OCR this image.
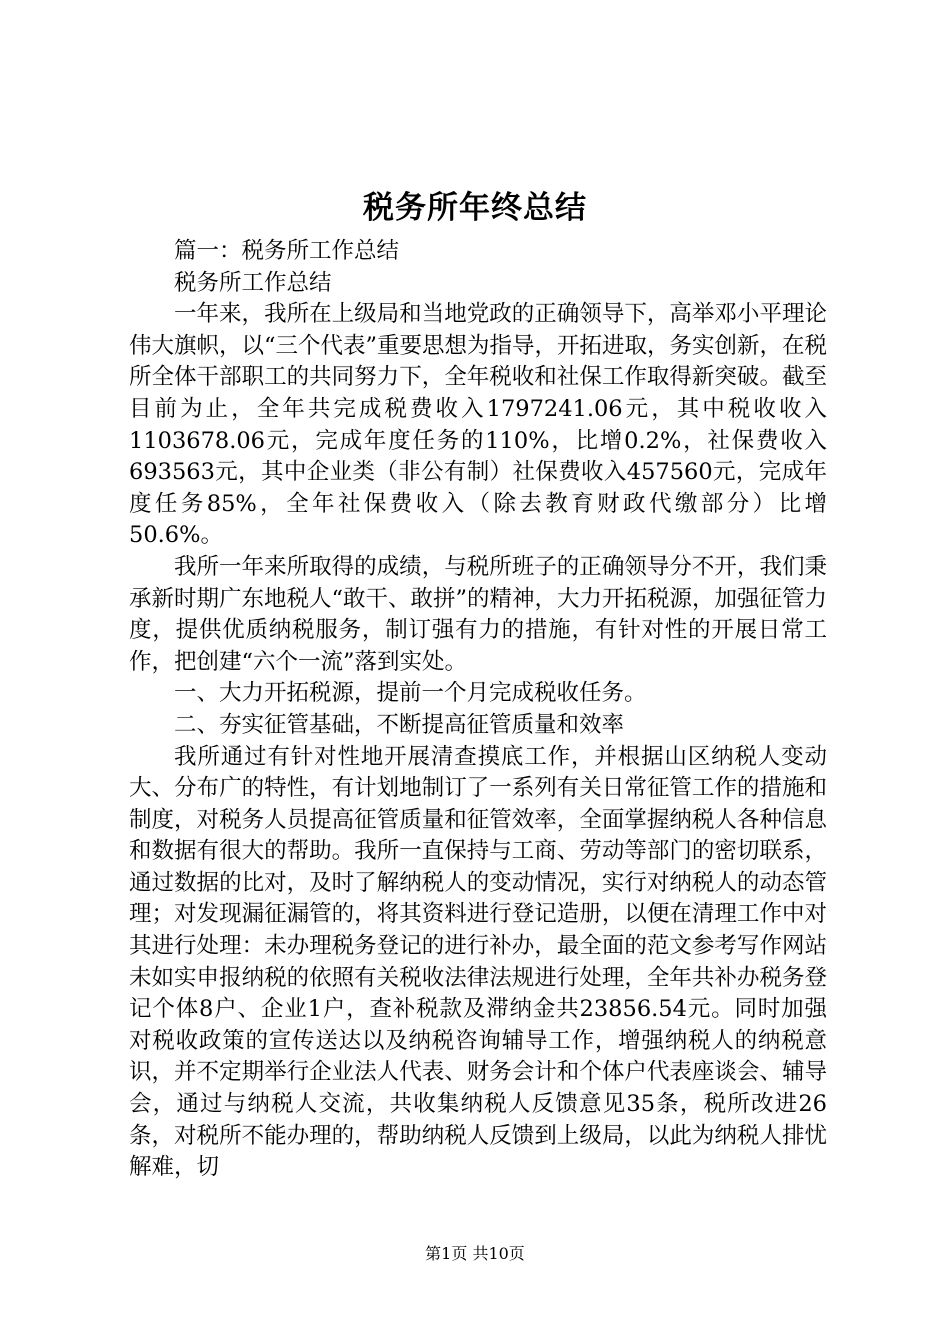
税务所年终总结

篇一：税务所工作总结

税务所工作总结

一年来，我所在上级局和当地党政的正确领导下，高举邓小平理论伟大旗帜，以“三个代表”重要思想为指导，开拓进取，务实创新，在税所全体干部职工的共同努力下，全年税收和社保工作取得新突破。截至目前为止，全年共完成税费收入1797241.06元，其中税收收入1103678.06元，完成年度任务的110%，比增0.2%，社保费收入693563元，其中企业类（非公有制）社保费收入457560元，完成年度任务85%，全年社保费收入（除去教育财政代缴部分）比增50.6%。

我所一年来所取得的成绩，与税所班子的正确领导分不开，我们秉承新时期广东地税人“敢干、敢拼”的精神，大力开拓税源，加强征管力度，提供优质纳税服务，制订强有力的措施，有针对性的开展日常工作，把创建“六个一流”落到实处。

一、大力开拓税源，提前一个月完成税收任务。

二、夯实征管基础，不断提高征管质量和效率

我所通过有针对性地开展清查摸底工作，并根据山区纳税人变动大、分布广的特性，有计划地制订了一系列有关日常征管工作的措施和制度，对税务人员提高征管质量和征管效率，全面掌握纳税人各种信息和数据有很大的帮助。我所一直保持与工商、劳动等部门的密切联系，通过数据的比对，及时了解纳税人的变动情况，实行对纳税人的动态管理；对发现漏征漏管的，将其资料进行登记造册，以便在清理工作中对其进行处理：未办理税务登记的进行补办，最全面的范文参考写作网站未如实申报纳税的依照有关税收法律法规进行处理，全年共补办税务登记个体8户、企业1户，查补税款及滞纳金共23856.54元。同时加强对税收政策的宣传送达以及纳税咨询辅导工作，增强纳税人的纳税意识，并不定期举行企业法人代表、财务会计和个体户代表座谈会、辅导会，通过与纳税人交流，共收集纳税人反馈意见35条，税所改进26条，对税所不能办理的，帮助纳税人反馈到上级局，以此为纳税人排忧解难，切

第1页 共10页
